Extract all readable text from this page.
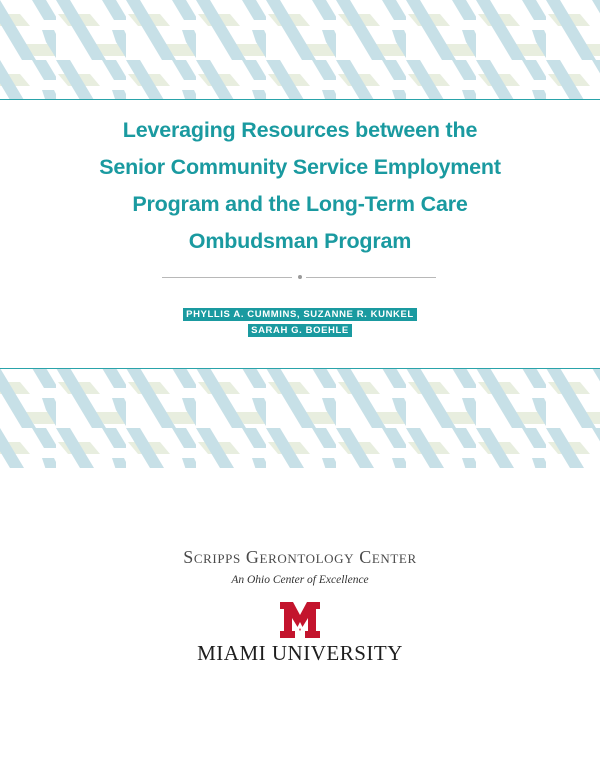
Leveraging Resources between the
Senior Community Service Employment
Program and the Long-Term Care
Ombudsman Program
PHYLLIS A. CUMMINS, SUZANNE R. KUNKEL
SARAH G. BOEHLE
Scripps Gerontology Center
An Ohio Center of Excellence
MIAMI UNIVERSITY
